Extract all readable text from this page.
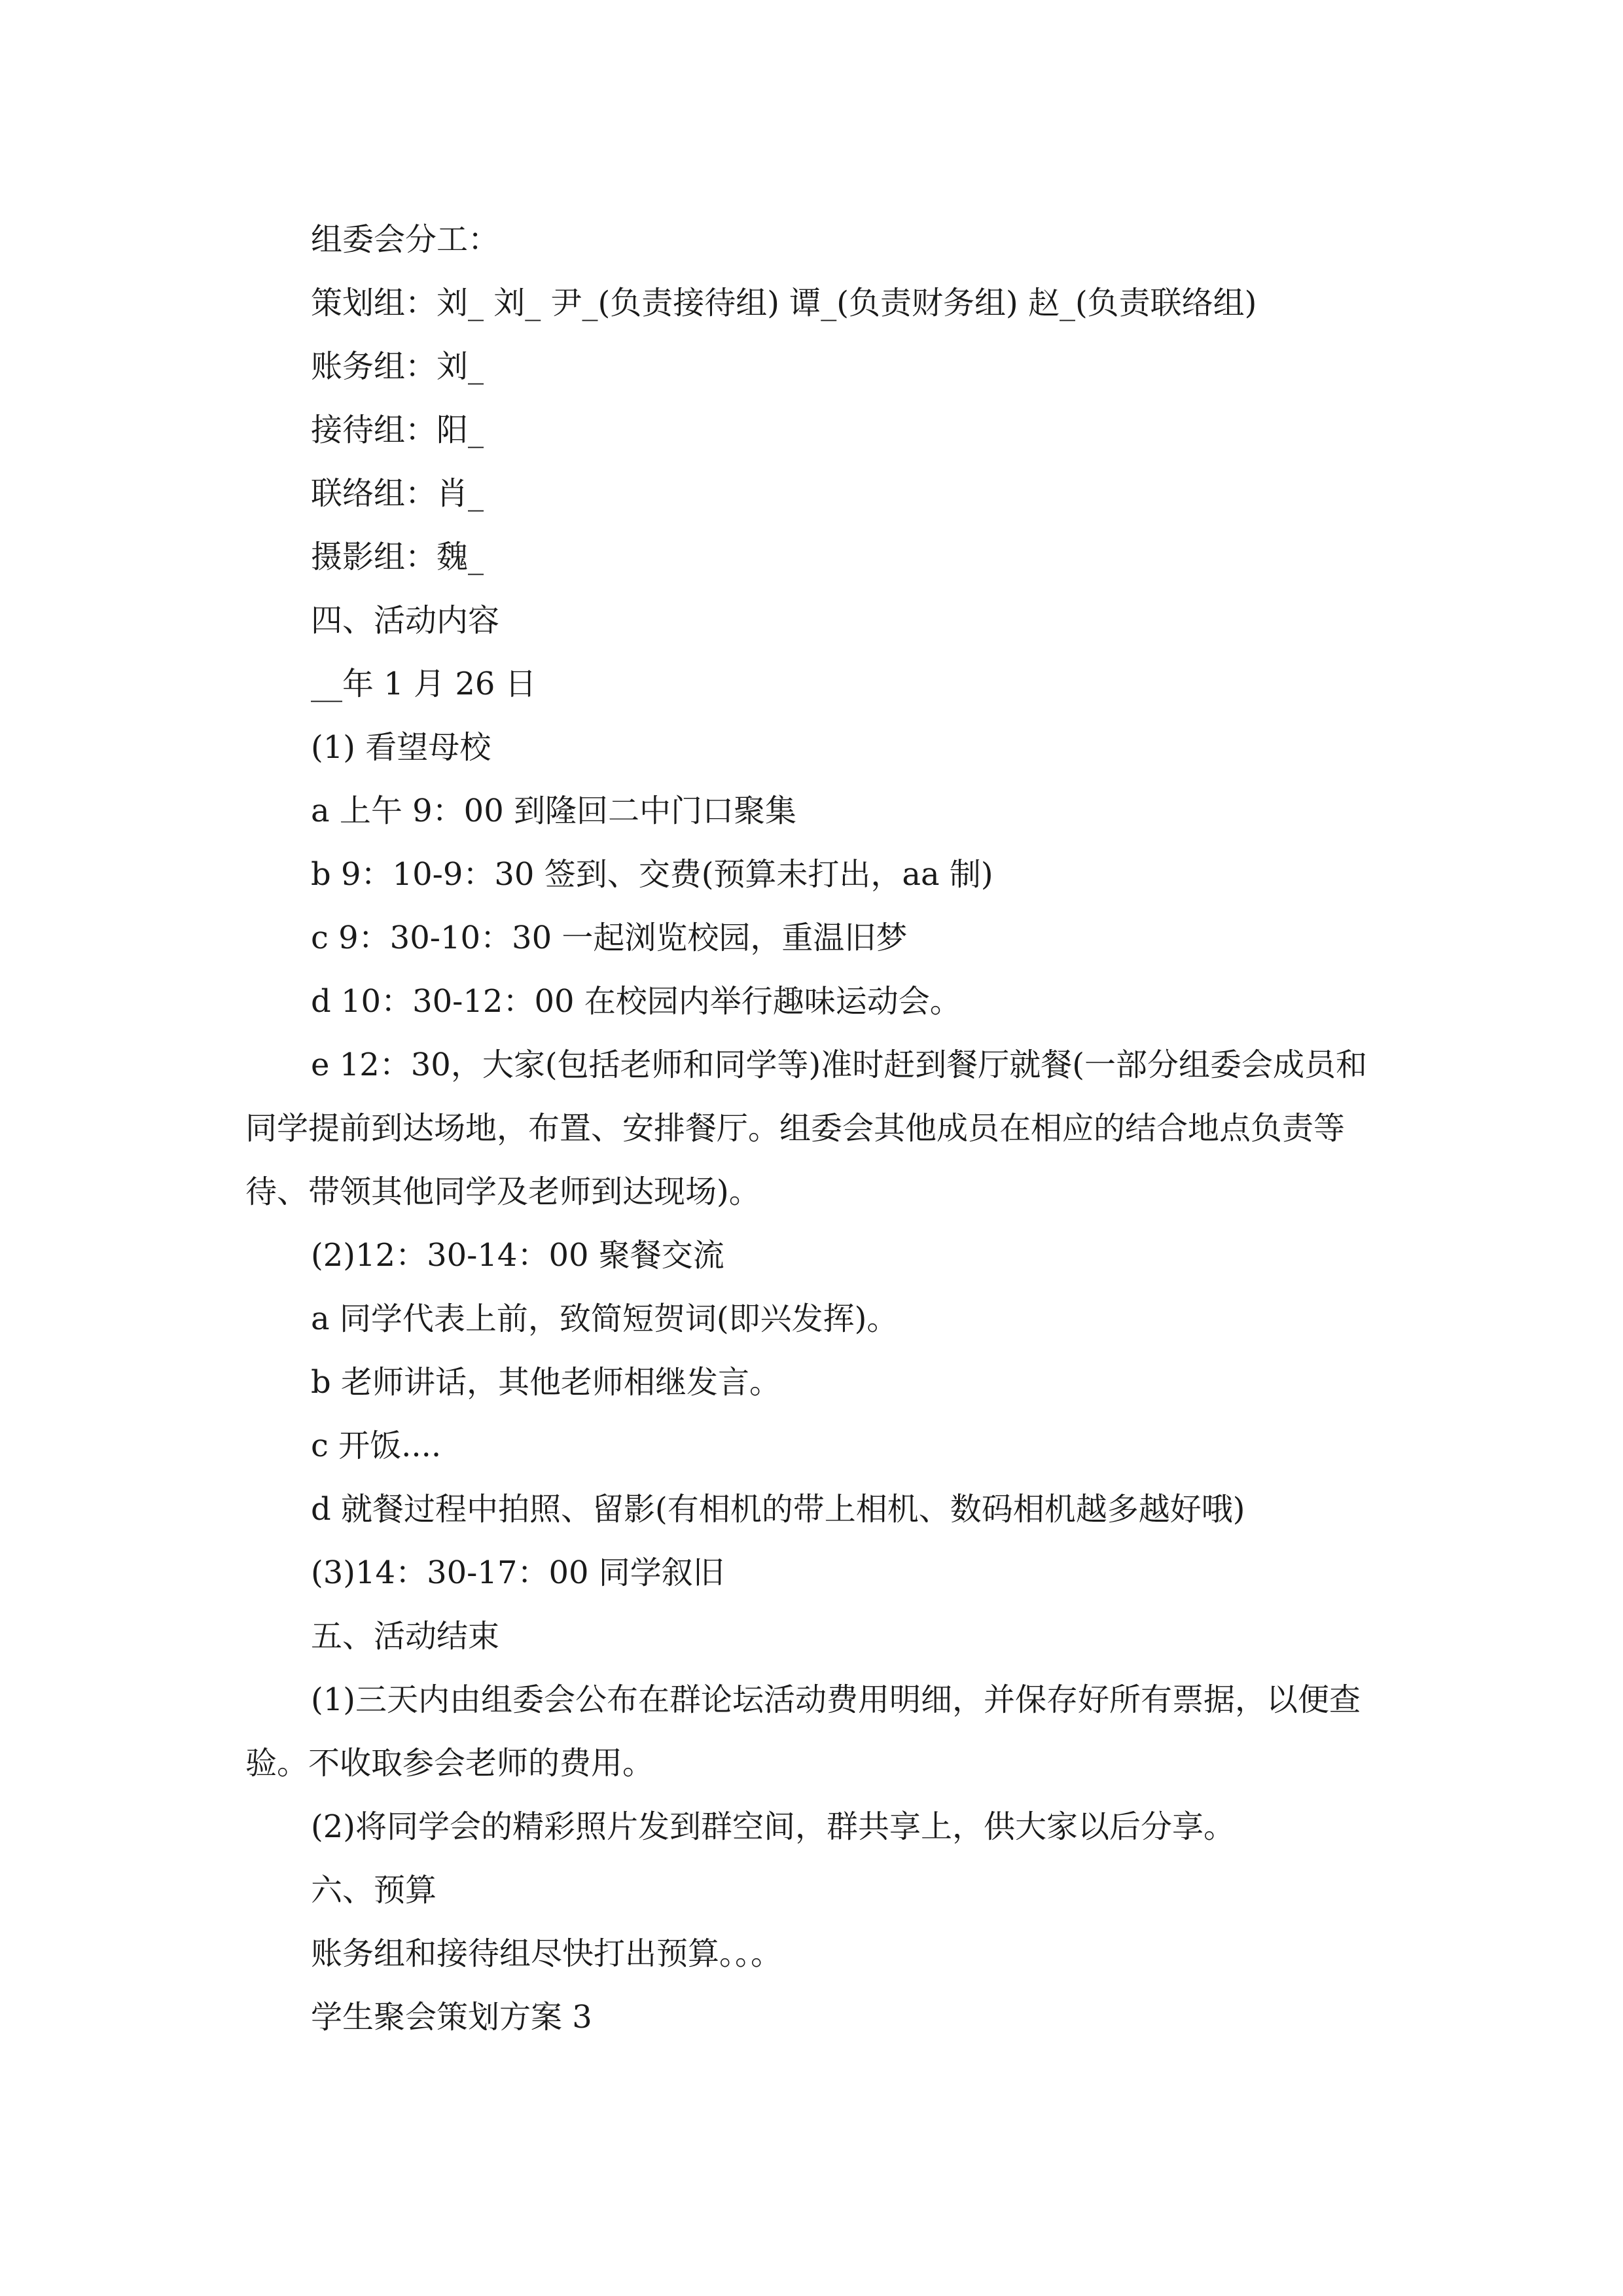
组委会分工：

策划组：刘_ 刘_ 尹_(负责接待组) 谭_(负责财务组) 赵_(负责联络组)

账务组：刘_

接待组：阳_

联络组：肖_

摄影组：魏_

四、活动内容

__年 1 月 26 日

(1) 看望母校

a 上午 9：00 到隆回二中门口聚集

b 9：10-9：30 签到、交费(预算未打出，aa 制)

c 9：30-10：30 一起浏览校园，重温旧梦

d 10：30-12：00 在校园内举行趣味运动会。

e 12：30，大家(包括老师和同学等)准时赶到餐厅就餐(一部分组委会成员和同学提前到达场地，布置、安排餐厅。组委会其他成员在相应的结合地点负责等待、带领其他同学及老师到达现场)。

(2)12：30-14：00 聚餐交流

a 同学代表上前，致简短贺词(即兴发挥)。

b 老师讲话，其他老师相继发言。

c 开饭....

d 就餐过程中拍照、留影(有相机的带上相机、数码相机越多越好哦)

(3)14：30-17：00 同学叙旧

五、活动结束

(1)三天内由组委会公布在群论坛活动费用明细，并保存好所有票据，以便查验。不收取参会老师的费用。

(2)将同学会的精彩照片发到群空间，群共享上，供大家以后分享。

六、预算

账务组和接待组尽快打出预算。。。

学生聚会策划方案 3
